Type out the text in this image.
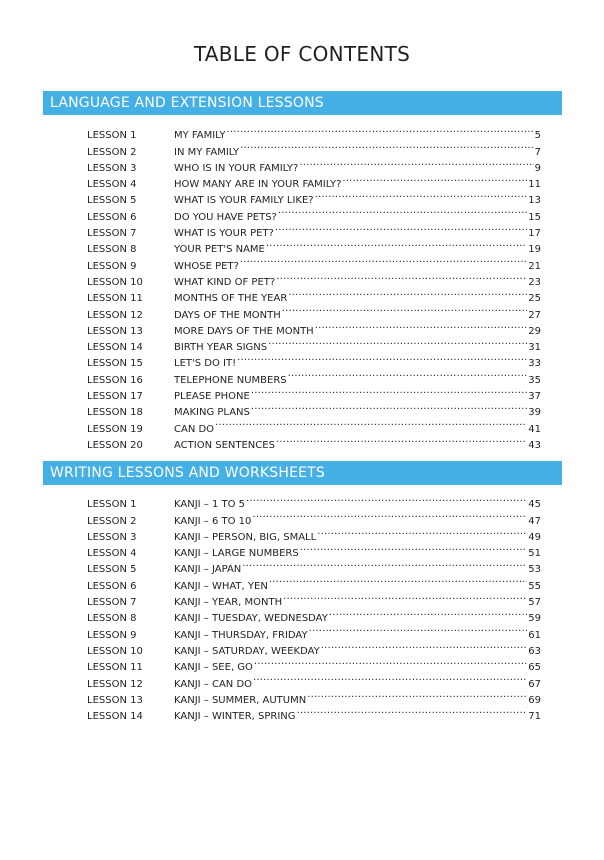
TABLE OF CONTENTS
LANGUAGE AND EXTENSION LESSONS
LESSON 1	MY FAMILY .....	5
LESSON 2	IN MY FAMILY .....	7
LESSON 3	WHO IS IN YOUR FAMILY? .....	9
LESSON 4	HOW MANY ARE IN YOUR FAMILY? .....	11
LESSON 5	WHAT IS YOUR FAMILY LIKE? .....	13
LESSON 6	DO YOU HAVE PETS? .....	15
LESSON 7	WHAT IS YOUR PET? .....	17
LESSON 8	YOUR PET'S NAME .....	19
LESSON 9	WHOSE PET? .....	21
LESSON 10	WHAT KIND OF PET? .....	23
LESSON 11	MONTHS OF THE YEAR .....	25
LESSON 12	DAYS OF THE MONTH .....	27
LESSON 13	MORE DAYS OF THE MONTH .....	29
LESSON 14	BIRTH YEAR SIGNS .....	31
LESSON 15	LET'S DO IT! .....	33
LESSON 16	TELEPHONE NUMBERS .....	35
LESSON 17	PLEASE PHONE .....	37
LESSON 18	MAKING PLANS .....	39
LESSON 19	CAN DO .....	41
LESSON 20	ACTION SENTENCES .....	43
WRITING LESSONS AND WORKSHEETS
LESSON 1	KANJI – 1 TO 5 .....	45
LESSON 2	KANJI – 6 TO 10 .....	47
LESSON 3	KANJI – PERSON, BIG, SMALL .....	49
LESSON 4	KANJI – LARGE NUMBERS .....	51
LESSON 5	KANJI – JAPAN .....	53
LESSON 6	KANJI – WHAT, YEN .....	55
LESSON 7	KANJI – YEAR, MONTH .....	57
LESSON 8	KANJI – TUESDAY, WEDNESDAY .....	59
LESSON 9	KANJI – THURSDAY, FRIDAY .....	61
LESSON 10	KANJI – SATURDAY, WEEKDAY .....	63
LESSON 11	KANJI – SEE, GO .....	65
LESSON 12	KANJI – CAN DO .....	67
LESSON 13	KANJI – SUMMER, AUTUMN .....	69
LESSON 14	KANJI – WINTER, SPRING .....	71
